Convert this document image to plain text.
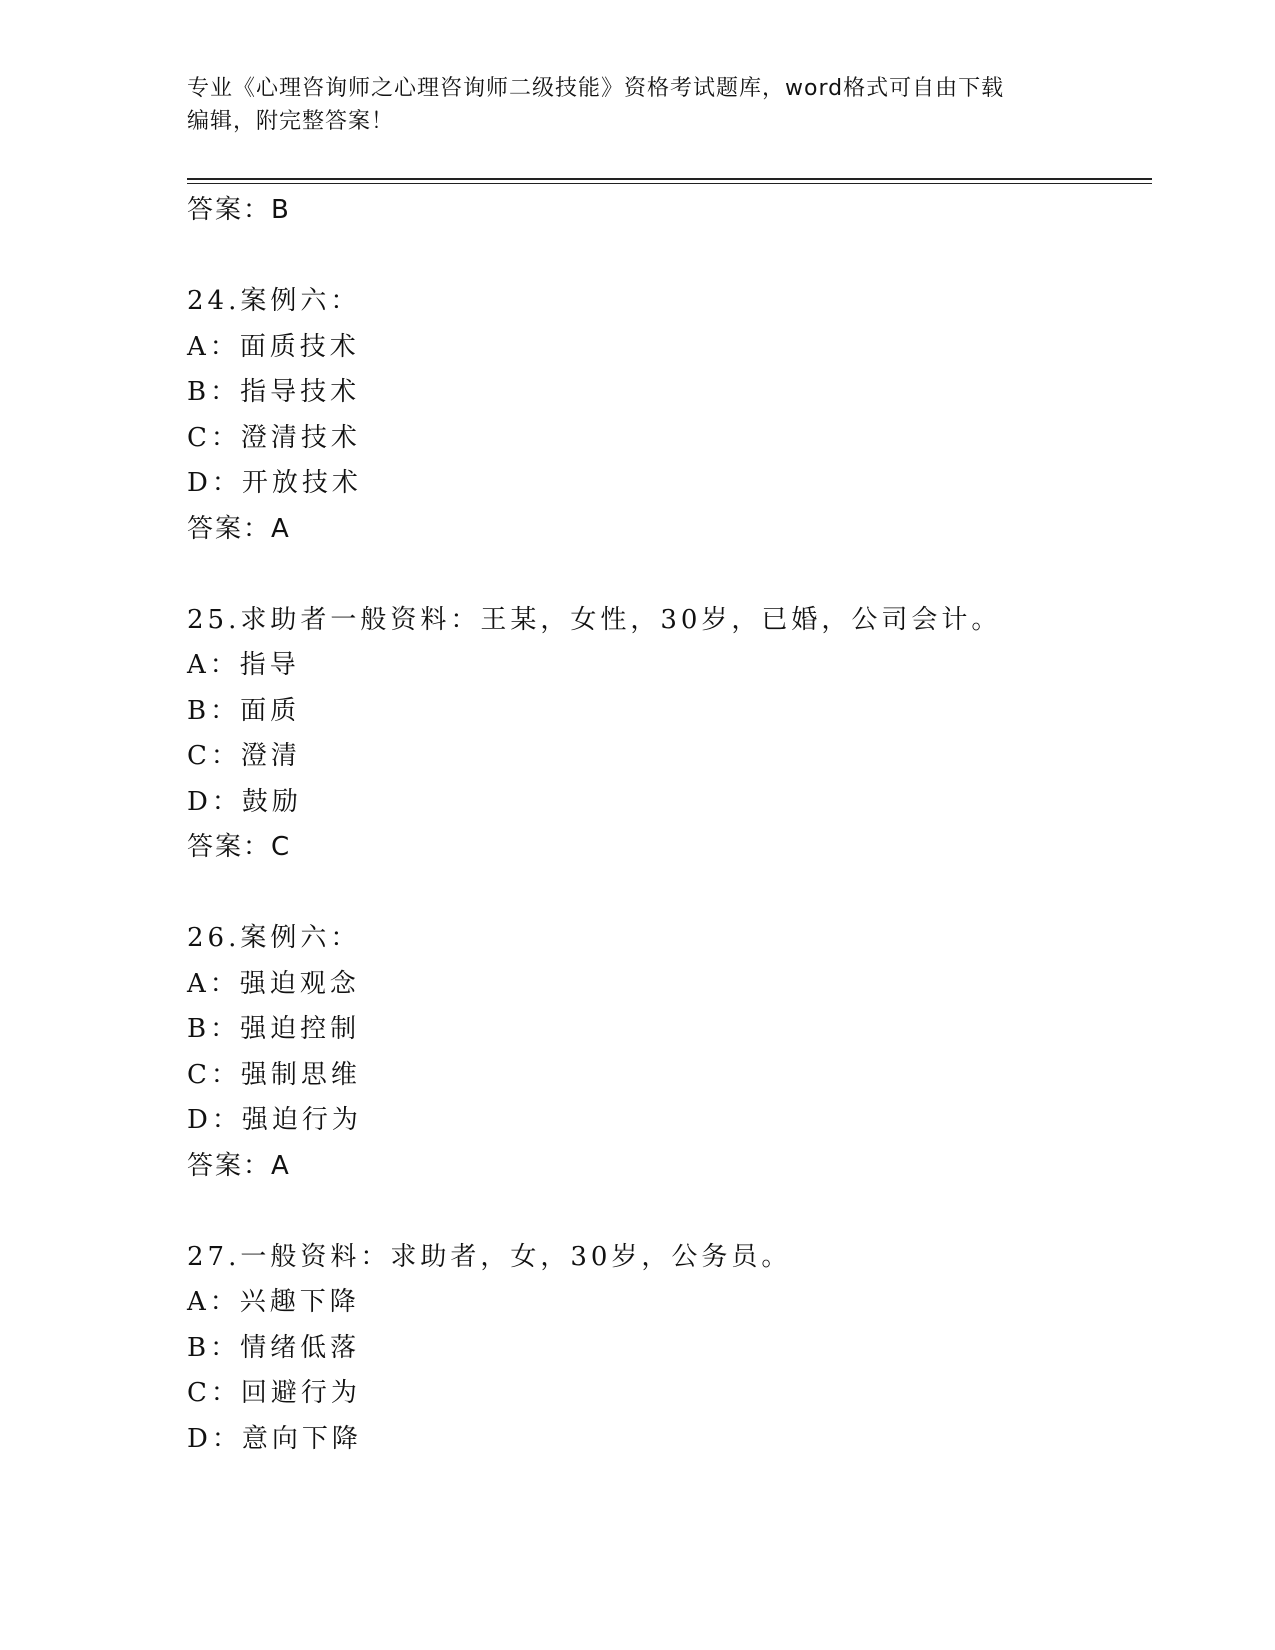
专业《心理咨询师之心理咨询师二级技能》资格考试题库，word格式可自由下载
编辑，附完整答案！
答案：B
24.案例六：
A：面质技术
B：指导技术
C：澄清技术
D：开放技术
答案：A
25.求助者一般资料：王某，女性，30岁，已婚，公司会计。
A：指导
B：面质
C：澄清
D：鼓励
答案：C
26.案例六：
A：强迫观念
B：强迫控制
C：强制思维
D：强迫行为
答案：A
27.一般资料：求助者，女，30岁，公务员。
A：兴趣下降
B：情绪低落
C：回避行为
D：意向下降
